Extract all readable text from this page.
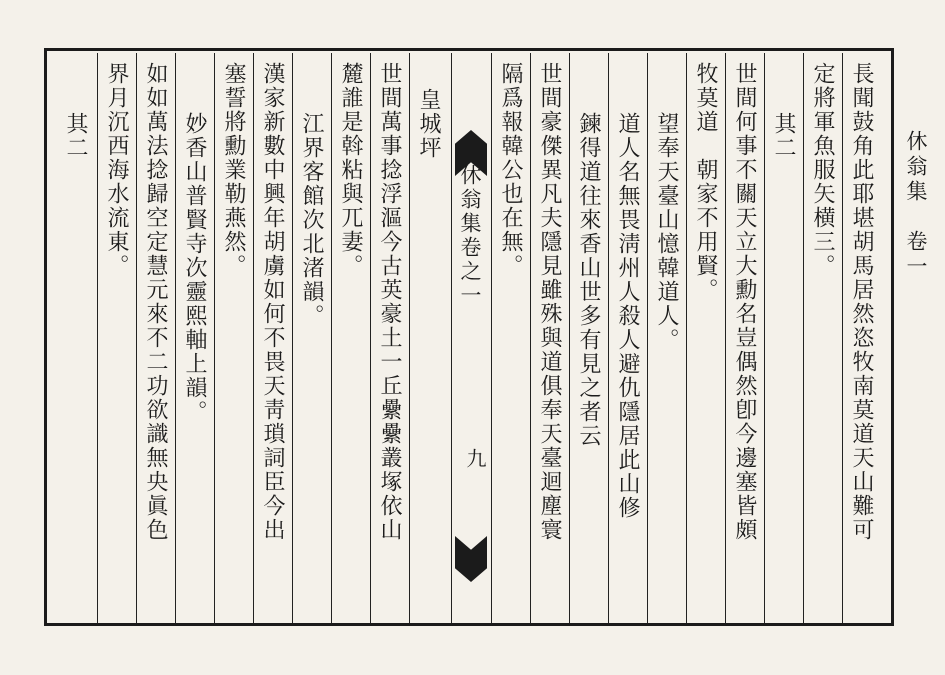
休翁集　卷一
休翁集卷之一
九	長聞鼓角此耶堪胡馬居然恣牧南莫道天山難可
定將軍魚服矢横三。
其二
世間何事不關天立大勳名豈偶然卽今邊塞皆頗
牧莫道　朝家不用賢。
望奉天臺山憶韓道人。
道人名無畏淸州人殺人避仇隱居此山修
鍊得道往來香山世多有見之者云
世間豪傑異凡夫隱見雖殊與道俱奉天臺迴塵寰
隔爲報韓公也在無。
皇城坪
世間萬事捻浮漚今古英豪土一丘纍纍叢塚依山
麓誰是斡粘與兀妻。
江界客館次北渚韻。
漢家新數中興年胡虜如何不畏天靑瑣詞臣今出
塞誓將勳業勒燕然。
妙香山普賢寺次靈熙軸上韻。
如如萬法捻歸空定慧元來不二功欲識無央眞色
界月沉西海水流東。
其二
